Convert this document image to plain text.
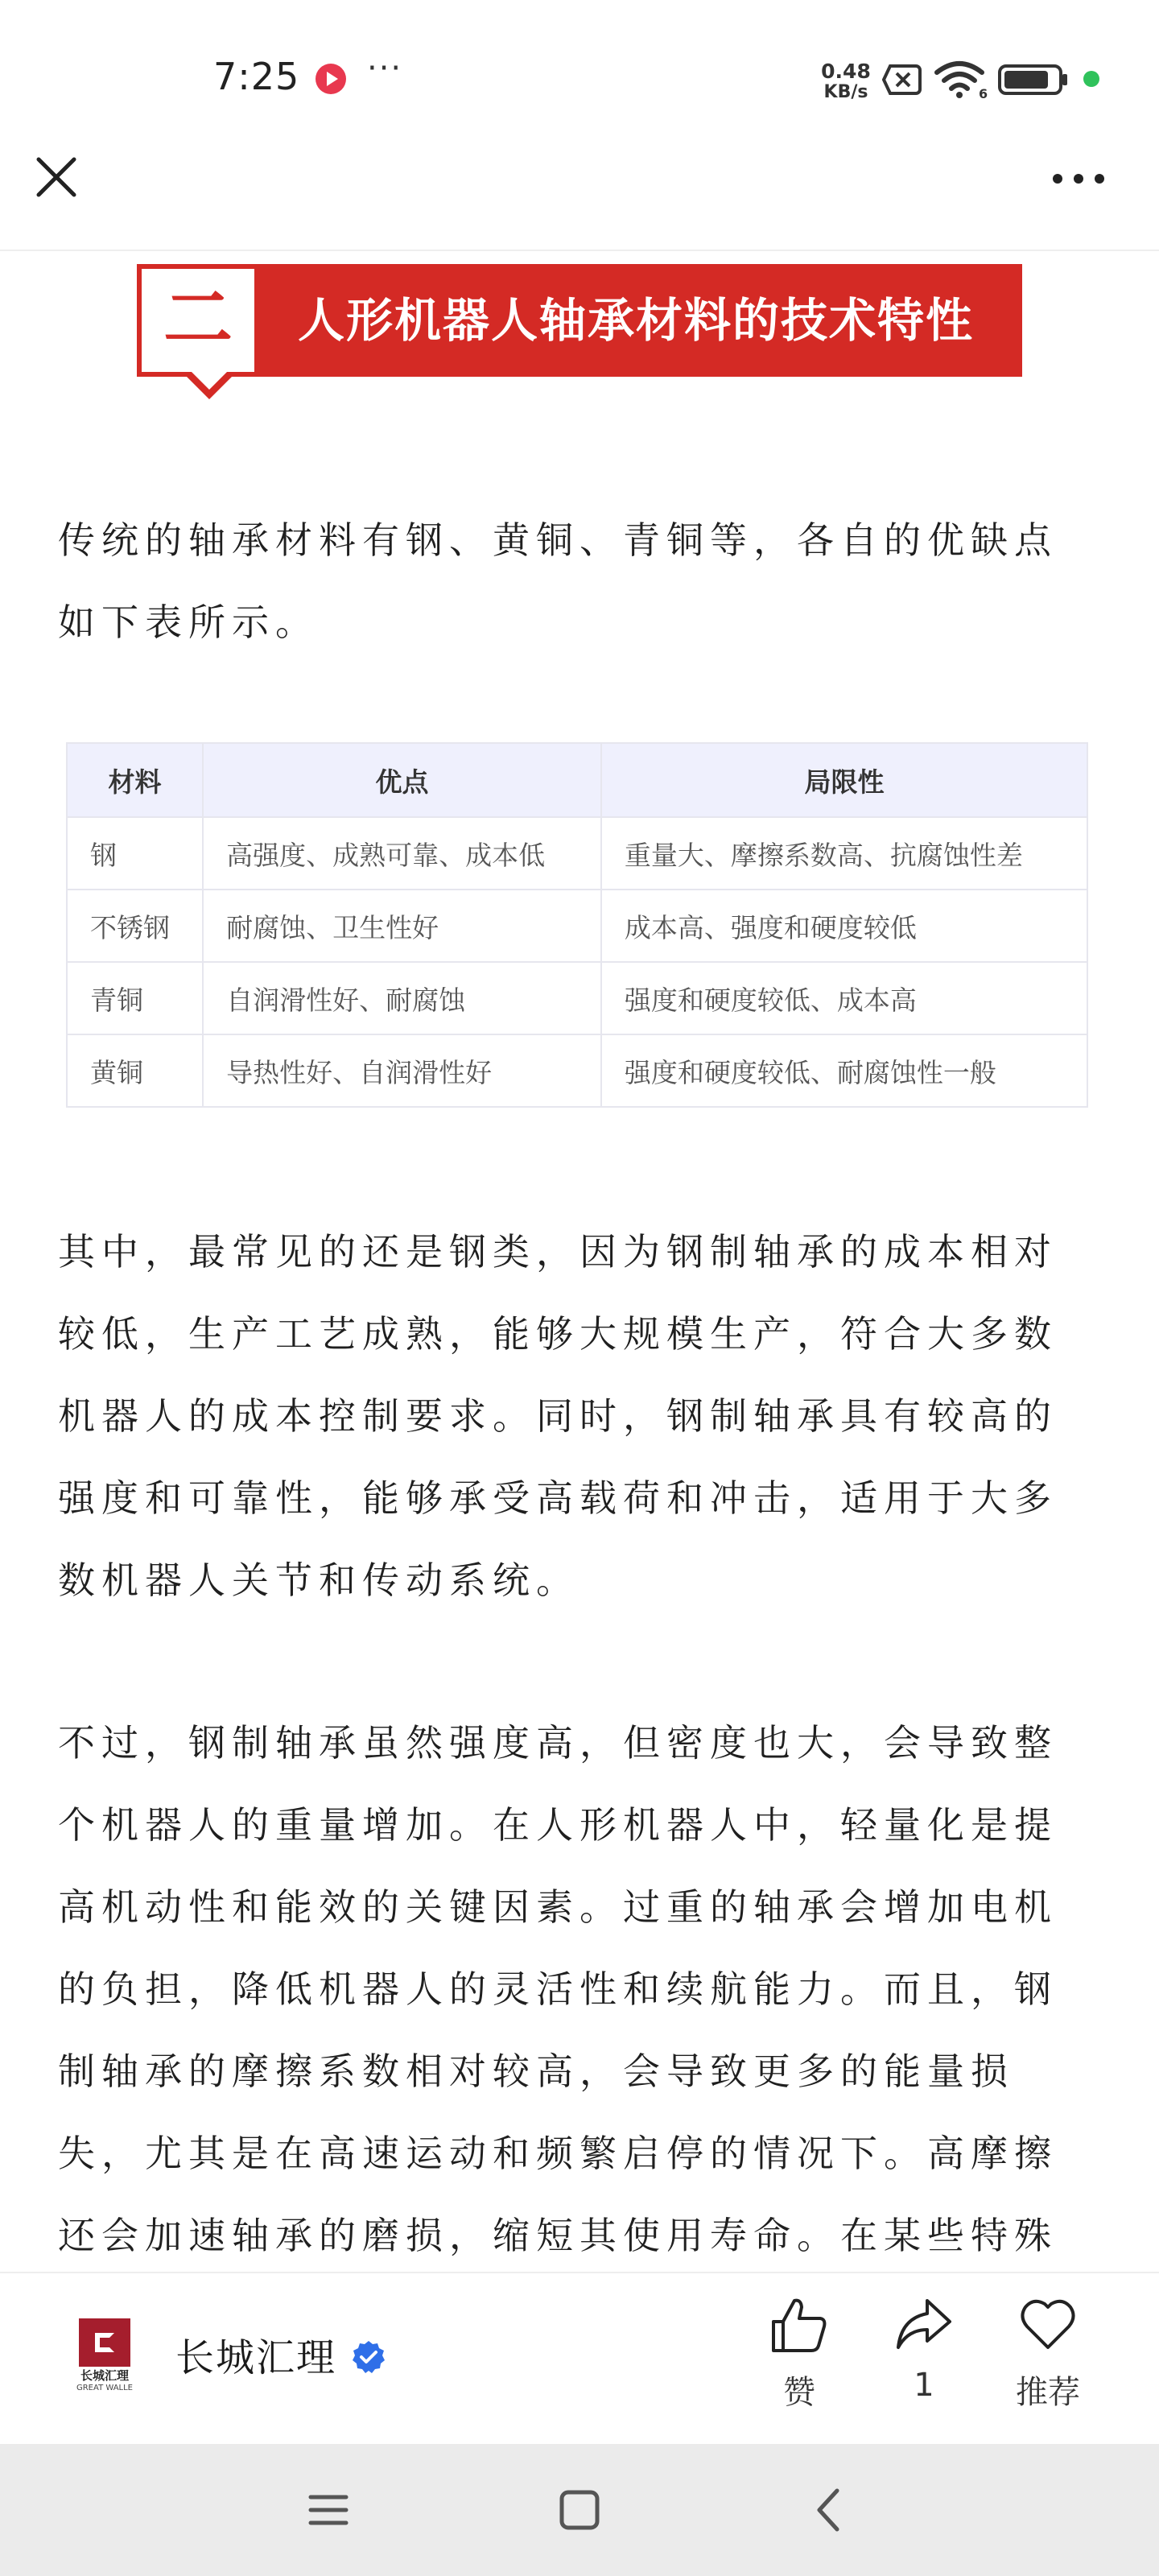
7:25 ···	0.48
KB/s	6
二	人形机器人轴承材料的技术特性

传统的轴承材料有钢、黄铜、青铜等，各自的优缺点如下表所示。

材料	优点	局限性
钢	高强度、成熟可靠、成本低	重量大、摩擦系数高、抗腐蚀性差
不锈钢	耐腐蚀、卫生性好	成本高、强度和硬度较低
青铜	自润滑性好、耐腐蚀	强度和硬度较低、成本高
黄铜	导热性好、自润滑性好	强度和硬度较低、耐腐蚀性一般

其中，最常见的还是钢类，因为钢制轴承的成本相对较低，生产工艺成熟，能够大规模生产，符合大多数机器人的成本控制要求。同时，钢制轴承具有较高的强度和可靠性，能够承受高载荷和冲击，适用于大多数机器人关节和传动系统。

不过，钢制轴承虽然强度高，但密度也大，会导致整个机器人的重量增加。在人形机器人中，轻量化是提高机动性和能效的关键因素。过重的轴承会增加电机的负担，降低机器人的灵活性和续航能力。而且，钢制轴承的摩擦系数相对较高，会导致更多的能量损失，尤其是在高速运动和频繁启停的情况下。高摩擦还会加速轴承的磨损，缩短其使用寿命。在某些特殊

长城汇理
GREAT WALLE
长城汇理
赞	1	推荐
